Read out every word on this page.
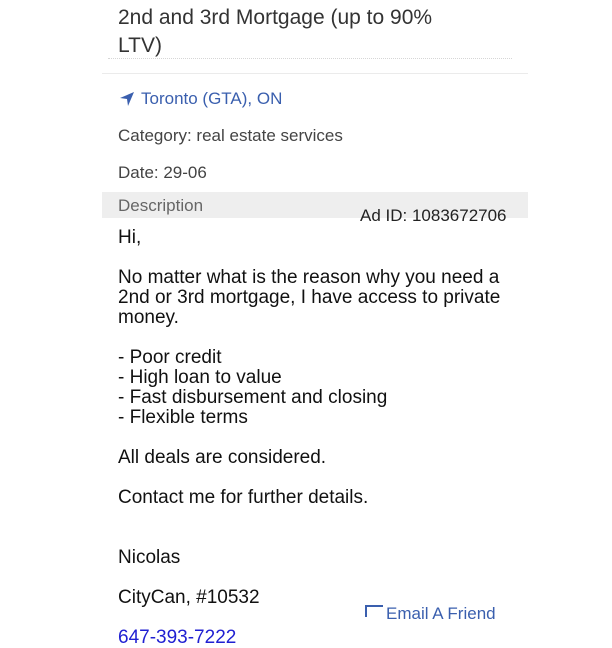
2nd and 3rd Mortgage (up to 90% LTV)
Toronto (GTA), ON
Category: real estate services
Date: 29-06
Description
Ad ID: 1083672706

Hi,

No matter what is the reason why you need a 2nd or 3rd mortgage, I have access to private money.

- Poor credit
- High loan to value
- Fast disbursement and closing
- Flexible terms

All deals are considered.

Contact me for further details.

Nicolas

CityCan, #10532

647-393-7222

Email A Friend
